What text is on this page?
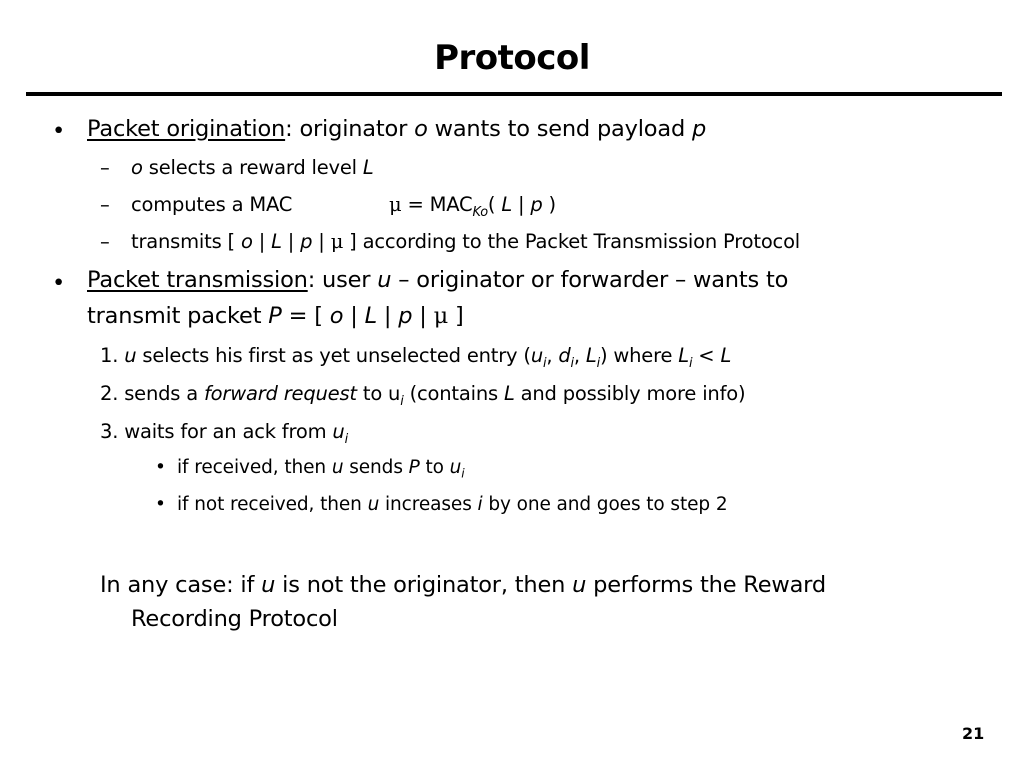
Protocol
• Packet origination: originator o wants to send payload p
– o selects a reward level L
– computes a MAC	$\mu = MAC_{Ko}$( L | p )
– transmits [ o | L | p | μ ] according to the Packet Transmission Protocol
• Packet transmission: user u – originator or forwarder – wants to
transmit packet P = [ o | L | p | μ ]
1. u selects his first as yet unselected entry ($u_i$, $d_i$, $L_i$) where $L_i < L$
2. sends a forward request to $u_i$ (contains L and possibly more info)
3. waits for an ack from $u_i$
• if received, then u sends P to $u_i$
• if not received, then u increases i by one and goes to step 2
In any case: if u is not the originator, then u performs the Reward
Recording Protocol
21
